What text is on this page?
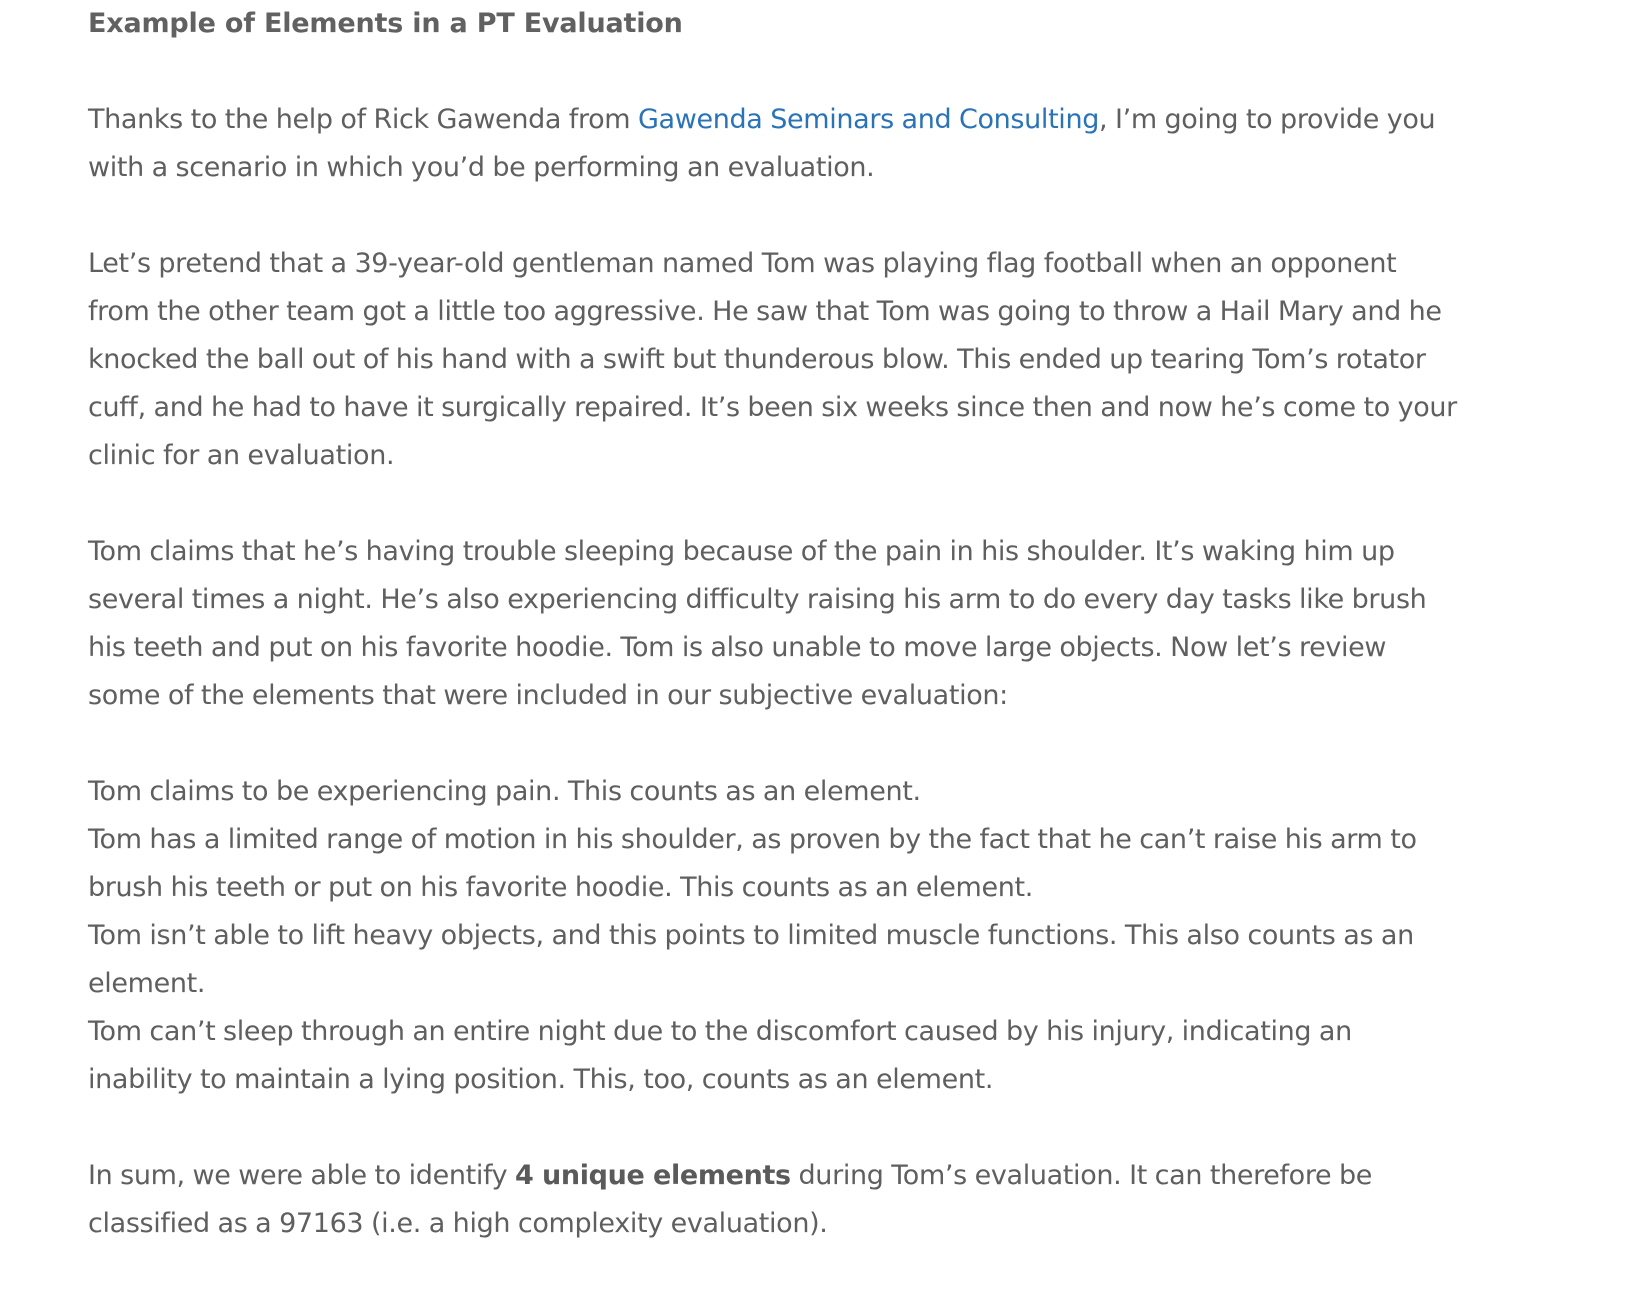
Example of Elements in a PT Evaluation

Thanks to the help of Rick Gawenda from Gawenda Seminars and Consulting, I’m going to provide you with a scenario in which you’d be performing an evaluation.

Let’s pretend that a 39-year-old gentleman named Tom was playing flag football when an opponent from the other team got a little too aggressive. He saw that Tom was going to throw a Hail Mary and he knocked the ball out of his hand with a swift but thunderous blow. This ended up tearing Tom’s rotator cuff, and he had to have it surgically repaired. It’s been six weeks since then and now he’s come to your clinic for an evaluation.

Tom claims that he’s having trouble sleeping because of the pain in his shoulder. It’s waking him up several times a night. He’s also experiencing difficulty raising his arm to do every day tasks like brush his teeth and put on his favorite hoodie. Tom is also unable to move large objects. Now let’s review some of the elements that were included in our subjective evaluation:

Tom claims to be experiencing pain. This counts as an element.

Tom has a limited range of motion in his shoulder, as proven by the fact that he can’t raise his arm to brush his teeth or put on his favorite hoodie. This counts as an element.

Tom isn’t able to lift heavy objects, and this points to limited muscle functions. This also counts as an element.

Tom can’t sleep through an entire night due to the discomfort caused by his injury, indicating an inability to maintain a lying position. This, too, counts as an element.

In sum, we were able to identify 4 unique elements during Tom’s evaluation. It can therefore be classified as a 97163 (i.e. a high complexity evaluation).
